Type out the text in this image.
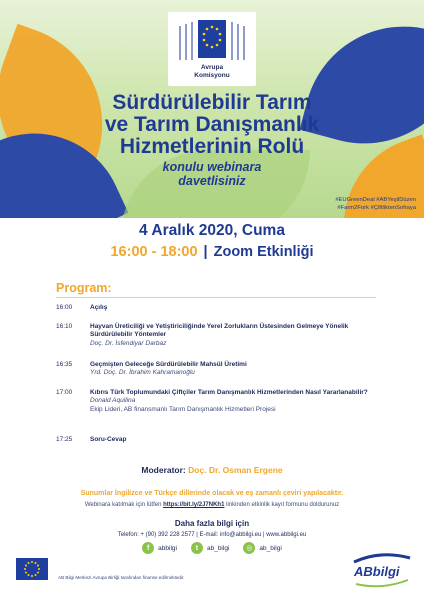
Avrupa
Komisyonu
Sürdürülebilir Tarım
ve Tarım Danışmanlık
Hizmetlerinin Rolü
konulu webinara
davetlisiniz
#EUGreenDeal #ABYeşilDüzen
#Farm2Fork #ÇiftliktenSofraya
4 Aralık 2020, Cuma
16:00 - 18:00 | Zoom Etkinliği
Program:
16:00	Açılış
16:10	Hayvan Üreticiliği ve Yetiştiriciliğinde Yerel Zorlukların Üstesinden Gelmeye Yönelik Sürdürülebilir Yöntemler
Doç. Dr. İsfendiyar Darbaz
16:35	Geçmişten Geleceğe Sürdürülebilir Mahsül Üretimi
Yrd. Doç. Dr. İbrahim Kahramanoğlu
17:00	Kıbrıs Türk Toplumundaki Çiftçiler Tarım Danışmanlık Hizmetlerinden Nasıl Yararlanabilir?
Donald Aquilina
Ekip Lideri, AB finansmanlı Tarım Danışmanlık Hizmetleri Projesi
17:25	Soru-Cevap
Moderator: Doç. Dr. Osman Ergene
Sunumlar İngilizce ve Türkçe dillerinde olacak ve eş zamanlı çeviri yapılacaktır.
Webinara katılmak için lütfen https://bit.ly/2J7NKh1 linkinden etkinlik kayıt formunu doldurunuz
Daha fazla bilgi için
Telefon: + (90) 392 228 2577 | E-mail: info@abbilgi.eu | www.abbilgi.eu
f	abbilgi	t	ab_bilgi	◎	ab_bilgi
AB Bilgi Merkezi Avrupa Birliği tarafından finanse edilmektedir.	ABbilgi
